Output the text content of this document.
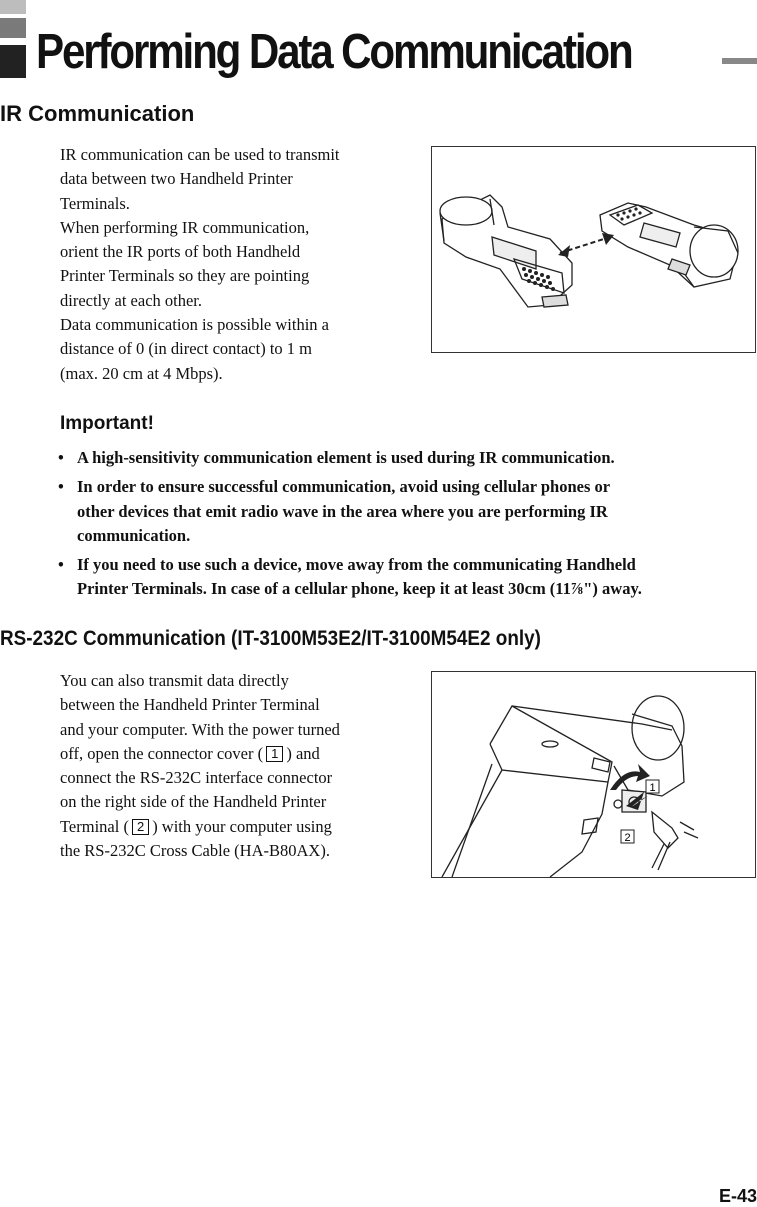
Performing Data Communication
IR Communication
IR communication can be used to transmit
data between two Handheld Printer
Terminals.
When performing IR communication,
orient the IR ports of both Handheld
Printer Terminals so they are pointing
directly at each other.
Data communication is possible within a
distance of 0 (in direct contact) to 1 m
(max. 20 cm at 4 Mbps).
Important!
• A high-sensitivity communication element is used during IR communication.
• In order to ensure successful communication, avoid using cellular phones or
other devices that emit radio wave in the area where you are performing IR
communication.
• If you need to use such a device, move away from the communicating Handheld
Printer Terminals. In case of a cellular phone, keep it at least 30cm (11⅞") away.
RS-232C Communication (IT-3100M53E2/IT-3100M54E2 only)
You can also transmit data directly
between the Handheld Printer Terminal
and your computer. With the power turned
off, open the connector cover ( 1 ) and
connect the RS-232C interface connector
on the right side of the Handheld Printer
Terminal ( 2 ) with your computer using
the RS-232C Cross Cable (HA-B80AX).
1
2
E-43
